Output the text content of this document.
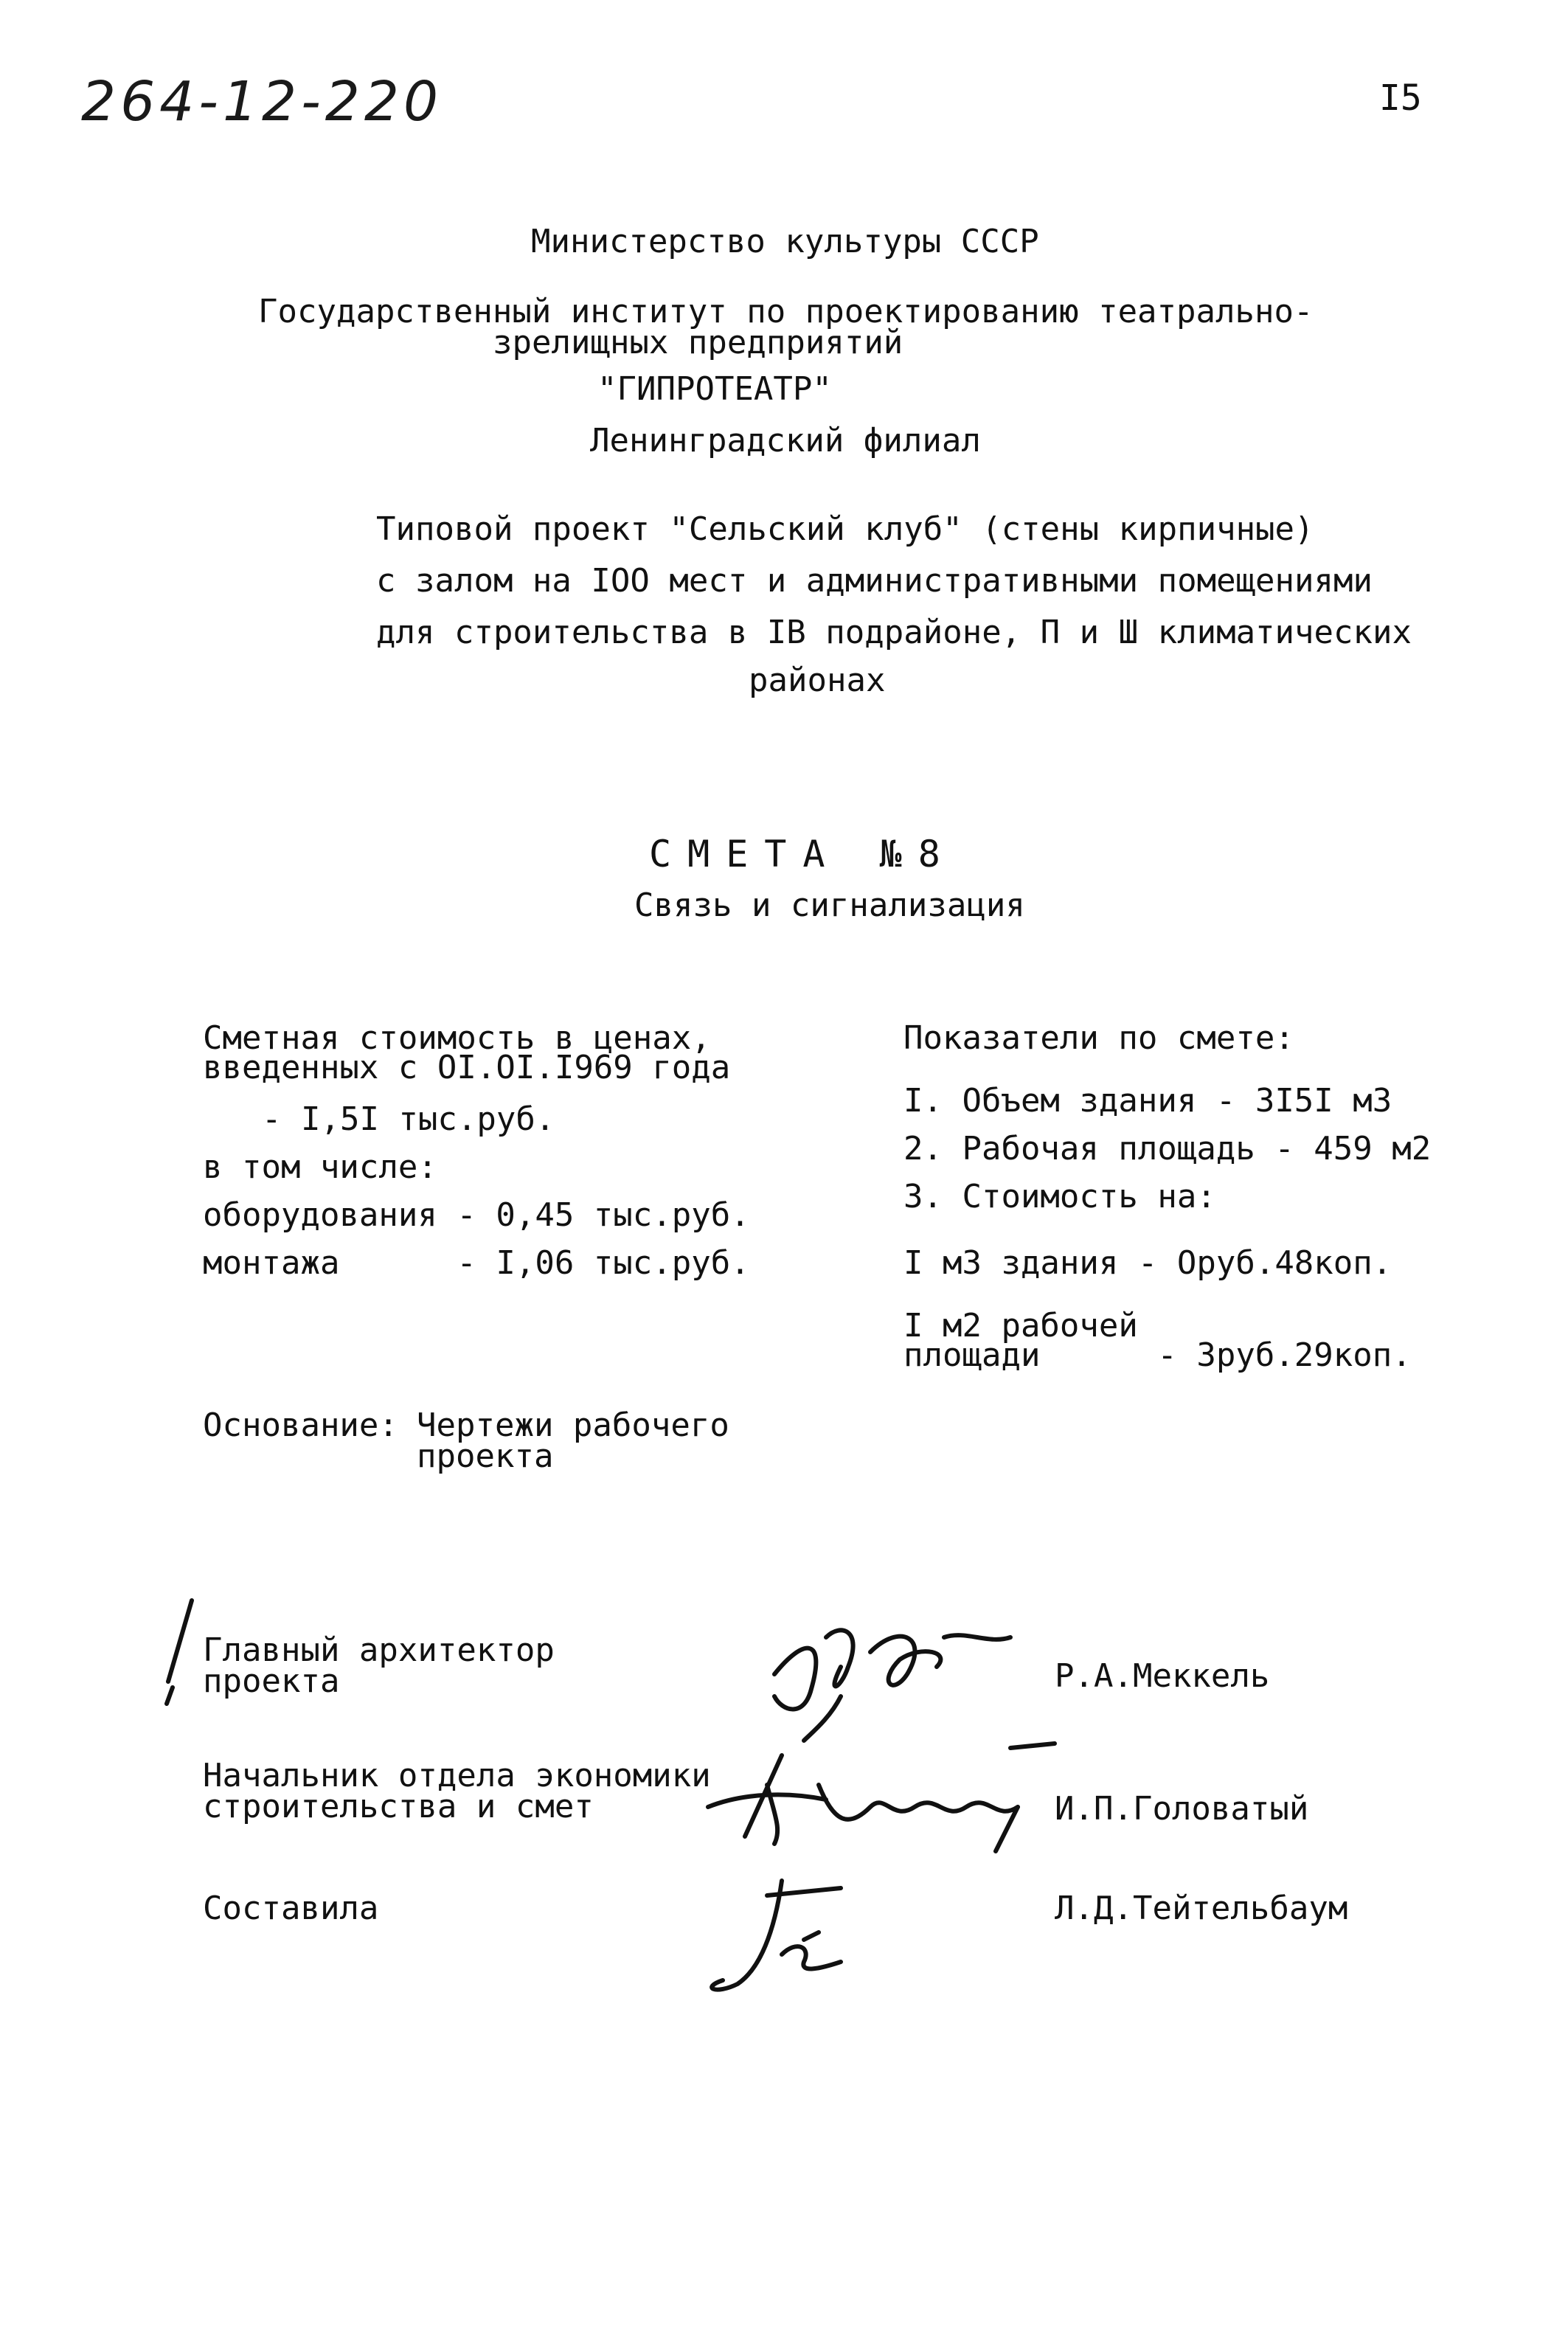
264-12-220	I5
Министерство культуры СССР
Государственный институт по проектированию театрально-
зрелищных предприятий
"ГИПРОТЕАТР"
Ленинградский филиал
Типовой проект "Сельский клуб" (стены кирпичные)
с залом на IOO мест и административными помещениями
для строительства в IВ подрайоне, П и Ш климатических
районах
СМЕТА №8
Связь и сигнализация
Сметная стоимость в ценах,
введенных с OI.OI.I969 года
- I,5I тыс.руб.
в том числе:
оборудования - 0,45 тыс.руб.
монтажа      - I,06 тыс.руб.
Показатели по смете:
I. Объем здания - 3I5I м3
2. Рабочая площадь - 459 м2
3. Стоимость на:
I м3 здания - Оруб.48коп.
I м2 рабочей
площади      - 3руб.29коп.
Основание: Чертежи рабочего
проекта
Главный архитектор
проекта	Р.А.Меккель
Начальник отдела экономики
строительства и смет	И.П.Головатый
Составила	Л.Д.Тейтельбаум
